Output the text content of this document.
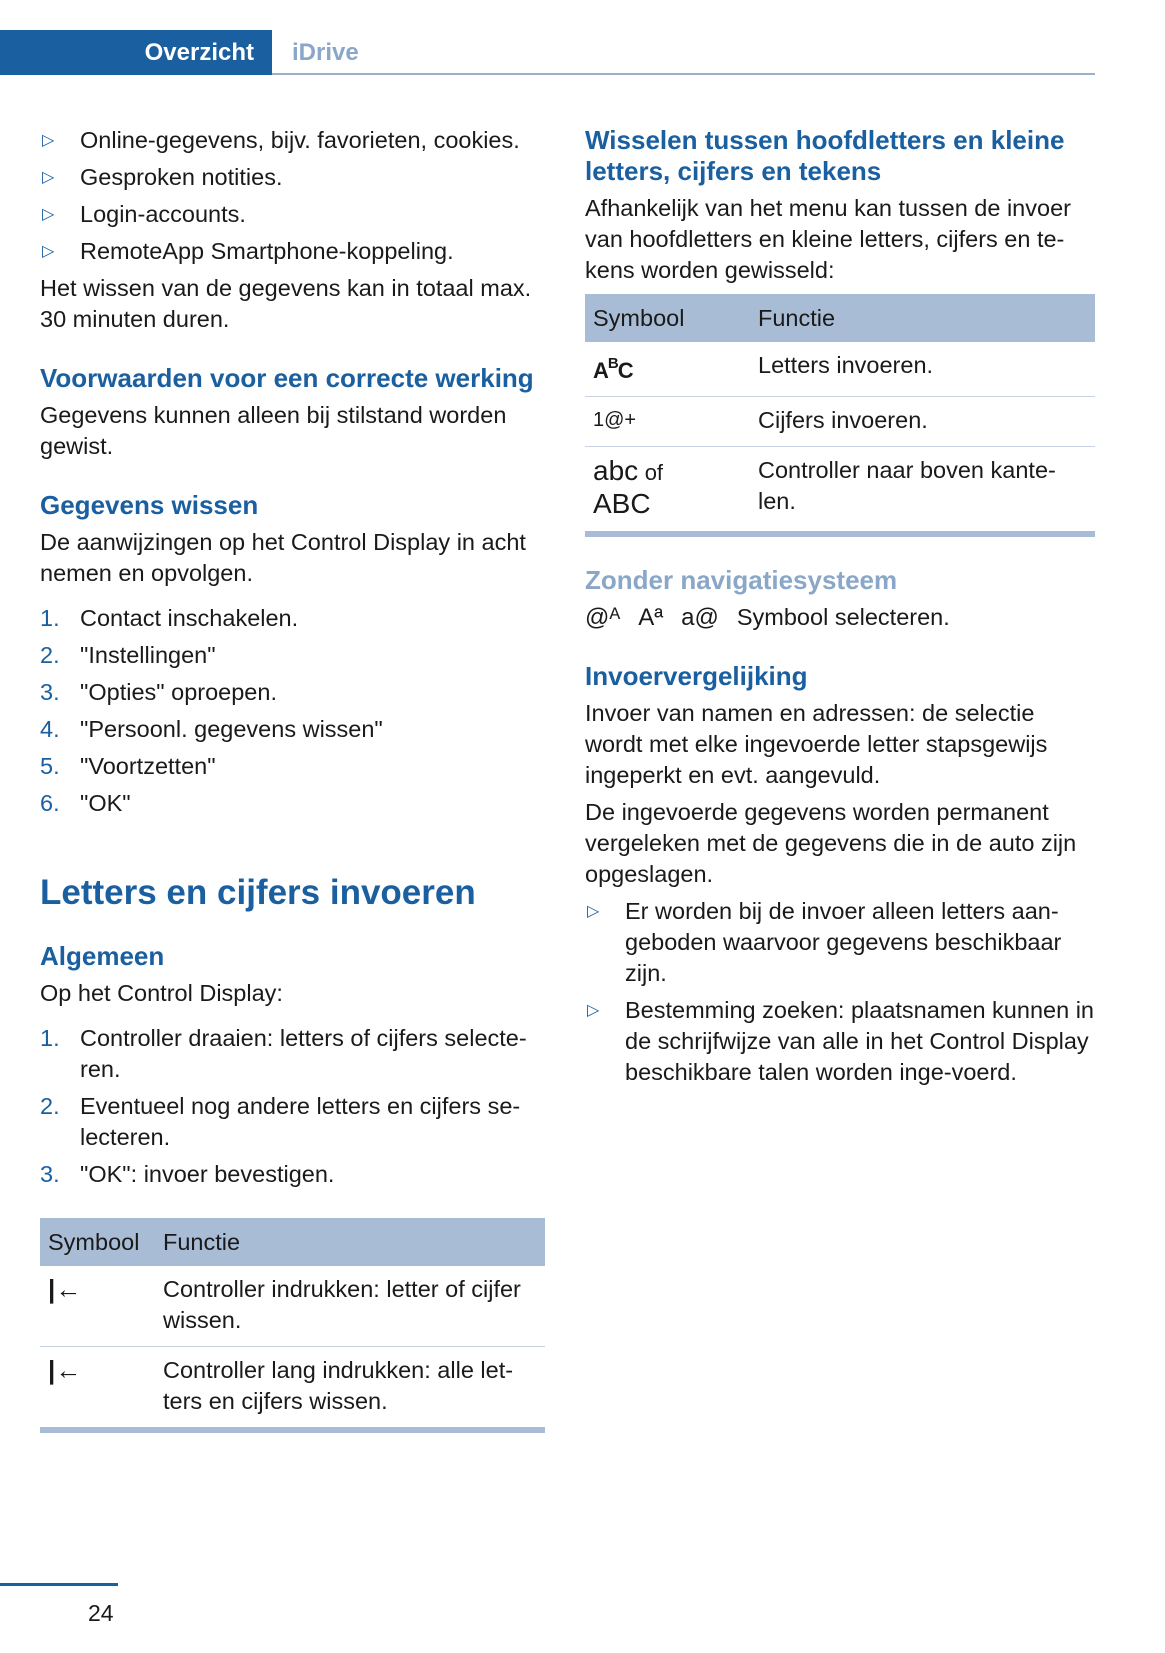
Overzicht	iDrive
▷ Online-gegevens, bijv. favorieten, cookies.
▷ Gesproken notities.
▷ Login-accounts.
▷ RemoteApp Smartphone-koppeling.

Het wissen van de gegevens kan in totaal max. 30 minuten duren.

Voorwaarden voor een correcte werking

Gegevens kunnen alleen bij stilstand worden gewist.

Gegevens wissen

De aanwijzingen op het Control Display in acht nemen en opvolgen.

1. Contact inschakelen.
2. "Instellingen"
3. "Opties" oproepen.
4. "Persoonl. gegevens wissen"
5. "Voortzetten"
6. "OK"
Letters en cijfers invoeren
Algemeen

Op het Control Display:

1. Controller draaien: letters of cijfers selecte-ren.
2. Eventueel nog andere letters en cijfers se-lecteren.
3. "OK": invoer bevestigen.
Symbool	Functie
|←	Controller indrukken: letter of cijfer wissen.
|←	Controller lang indrukken: alle let-ters en cijfers wissen.
Wisselen tussen hoofdletters en kleine letters, cijfers en tekens

Afhankelijk van het menu kan tussen de invoer van hoofdletters en kleine letters, cijfers en te-kens worden gewisseld:

Symbool	Functie
$A^BC$	Letters invoeren.
1@+	Cijfers invoeren.
abc of
ABC	Controller naar boven kante-len.
Zonder navigatiesysteem
@ᴬ Aª a@ Symbool selecteren.
Invoervergelijking

Invoer van namen en adressen: de selectie wordt met elke ingevoerde letter stapsgewijs ingeperkt en evt. aangevuld.

De ingevoerde gegevens worden permanent vergeleken met de gegevens die in de auto zijn opgeslagen.

▷ Er worden bij de invoer alleen letters aan-geboden waarvoor gegevens beschikbaar zijn.
▷ Bestemming zoeken: plaatsnamen kunnen in de schrijfwijze van alle in het Control Display beschikbare talen worden inge-voerd.
24
